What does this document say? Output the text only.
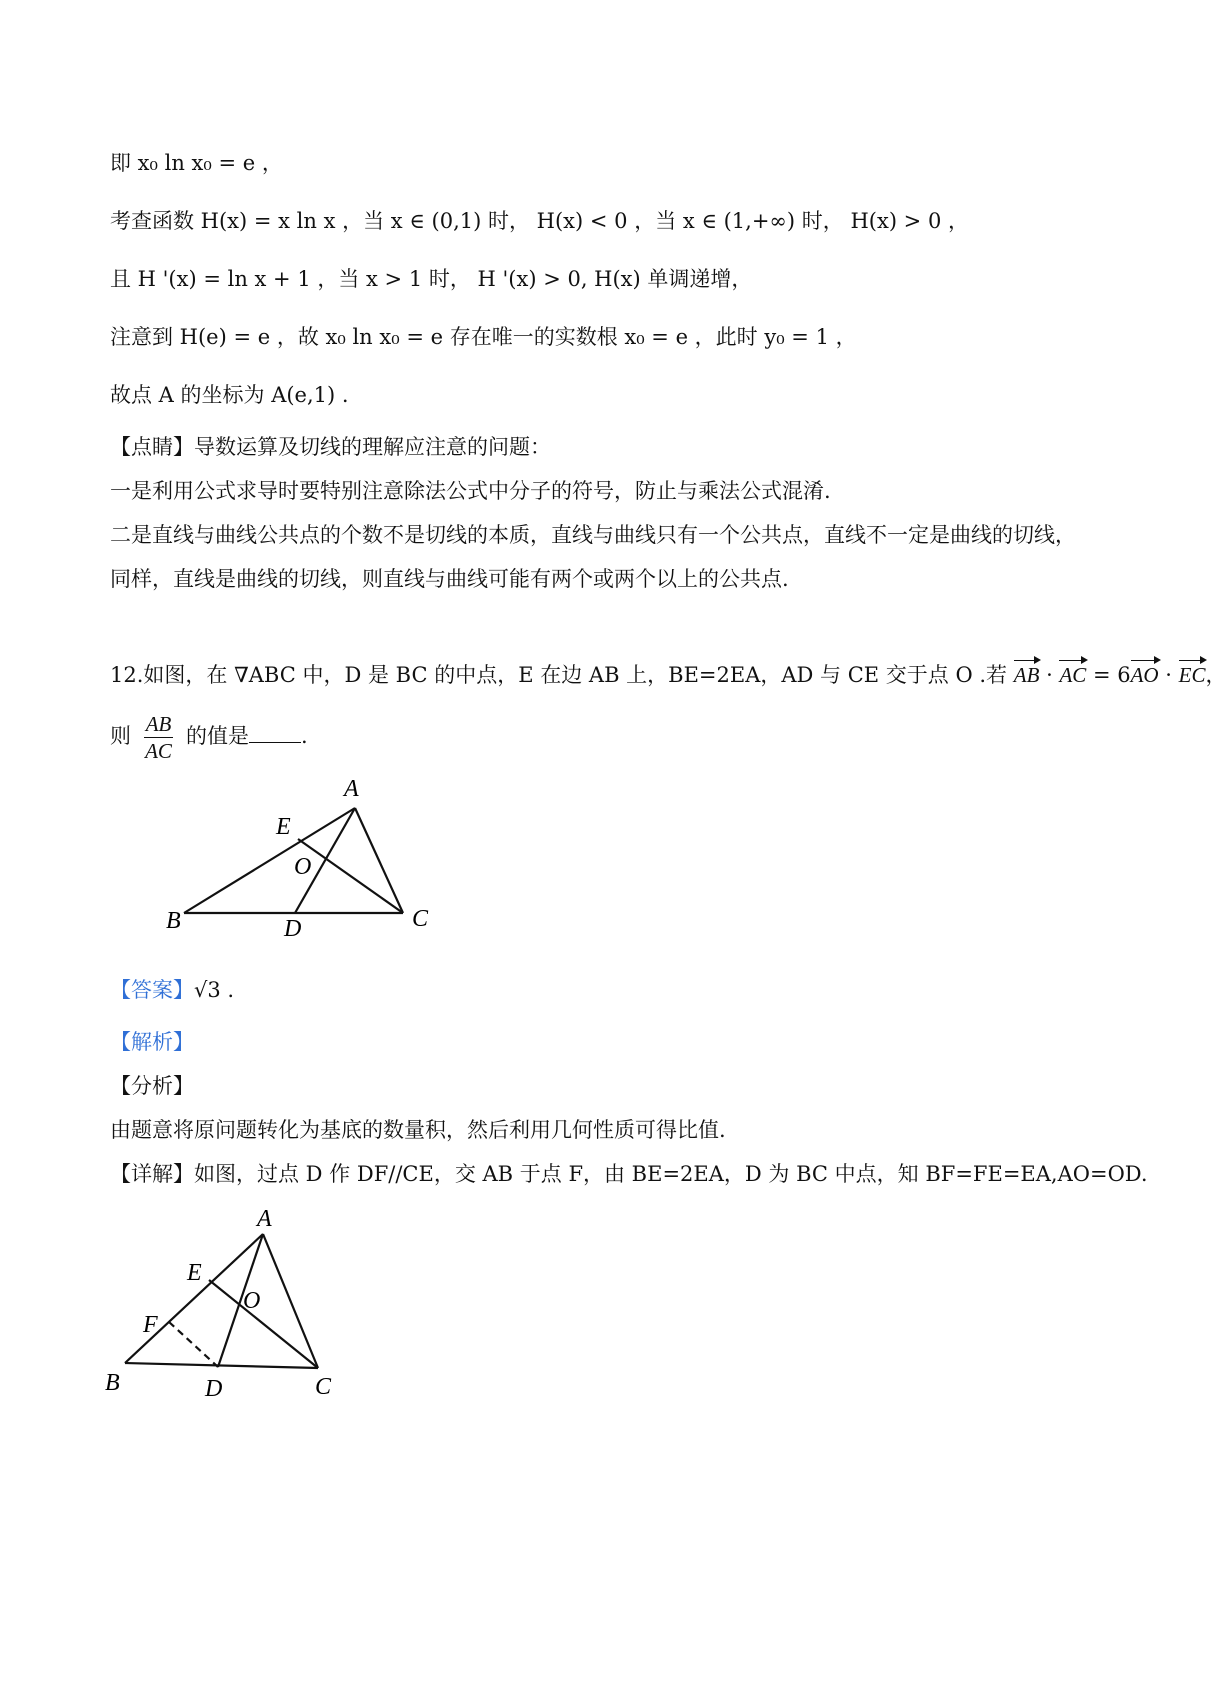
即 x₀ ln x₀ = e ，
考查函数 H(x) = x ln x ，当 x ∈ (0,1) 时， H(x) < 0 ，当 x ∈ (1,+∞) 时， H(x) > 0 ，
且 H '(x) = ln x + 1 ，当 x > 1 时， H '(x) > 0, H(x) 单调递增，
注意到 H(e) = e ，故 x₀ ln x₀ = e 存在唯一的实数根 x₀ = e ，此时 y₀ = 1 ，
故点 A 的坐标为 A(e,1) .
【点睛】导数运算及切线的理解应注意的问题：
一是利用公式求导时要特别注意除法公式中分子的符号，防止与乘法公式混淆.
二是直线与曲线公共点的个数不是切线的本质，直线与曲线只有一个公共点，直线不一定是曲线的切线，
同样，直线是曲线的切线，则直线与曲线可能有两个或两个以上的公共点.
12.如图，在 ∇ABC 中，D 是 BC 的中点，E 在边 AB 上，BE=2EA，AD 与 CE 交于点 O .若 AB · AC = 6AO · EC，
则 $\frac{AB}{AC}$ 的值是 .
A
E
O
B	D	C
【答案】√3 .
【解析】
【分析】
由题意将原问题转化为基底的数量积，然后利用几何性质可得比值.
【详解】如图，过点 D 作 DF//CE，交 AB 于点 F，由 BE=2EA，D 为 BC 中点，知 BF=FE=EA,AO=OD.
A
E
O
F
B	D	C
